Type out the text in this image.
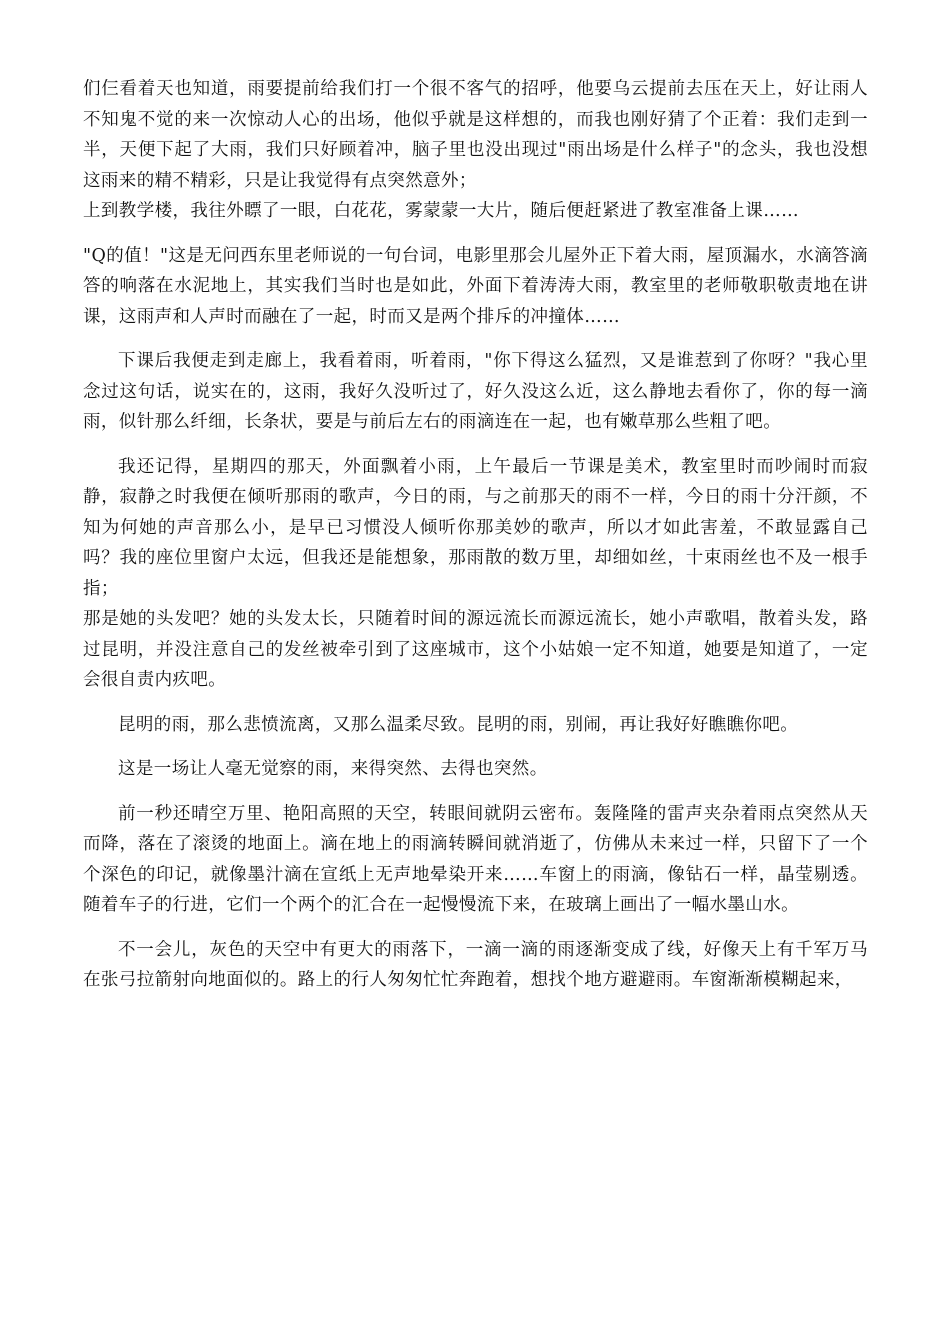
们仨看着天也知道，雨要提前给我们打一个很不客气的招呼，他要乌云提前去压在天上，好让雨人不知鬼不觉的来一次惊动人心的出场，他似乎就是这样想的，而我也刚好猜了个正着：我们走到一半，天便下起了大雨，我们只好顾着冲，脑子里也没出现过"雨出场是什么样子"的念头，我也没想这雨来的精不精彩，只是让我觉得有点突然意外；

上到教学楼，我往外瞟了一眼，白花花，雾蒙蒙一大片，随后便赶紧进了教室准备上课……

"Q的值！"这是无问西东里老师说的一句台词，电影里那会儿屋外正下着大雨，屋顶漏水，水滴答滴答的响落在水泥地上，其实我们当时也是如此，外面下着涛涛大雨，教室里的老师敬职敬责地在讲课，这雨声和人声时而融在了一起，时而又是两个排斥的冲撞体……

下课后我便走到走廊上，我看着雨，听着雨，"你下得这么猛烈，又是谁惹到了你呀？"我心里念过这句话，说实在的，这雨，我好久没听过了，好久没这么近，这么静地去看你了，你的每一滴雨，似针那么纤细，长条状，要是与前后左右的雨滴连在一起，也有嫩草那么些粗了吧。

我还记得，星期四的那天，外面飘着小雨，上午最后一节课是美术，教室里时而吵闹时而寂静，寂静之时我便在倾听那雨的歌声，今日的雨，与之前那天的雨不一样，今日的雨十分汗颜，不知为何她的声音那么小，是早已习惯没人倾听你那美妙的歌声，所以才如此害羞，不敢显露自己吗？我的座位里窗户太远，但我还是能想象，那雨散的数万里，却细如丝，十束雨丝也不及一根手指；

那是她的头发吧？她的头发太长，只随着时间的源远流长而源远流长，她小声歌唱，散着头发，路过昆明，并没注意自己的发丝被牵引到了这座城市，这个小姑娘一定不知道，她要是知道了，一定会很自责内疚吧。

昆明的雨，那么悲愤流离，又那么温柔尽致。昆明的雨，别闹，再让我好好瞧瞧你吧。

这是一场让人毫无觉察的雨，来得突然、去得也突然。

前一秒还晴空万里、艳阳高照的天空，转眼间就阴云密布。轰隆隆的雷声夹杂着雨点突然从天而降，落在了滚烫的地面上。滴在地上的雨滴转瞬间就消逝了，仿佛从未来过一样，只留下了一个个深色的印记，就像墨汁滴在宣纸上无声地晕染开来……车窗上的雨滴，像钻石一样，晶莹剔透。随着车子的行进，它们一个两个的汇合在一起慢慢流下来，在玻璃上画出了一幅水墨山水。

不一会儿，灰色的天空中有更大的雨落下，一滴一滴的雨逐渐变成了线，好像天上有千军万马在张弓拉箭射向地面似的。路上的行人匆匆忙忙奔跑着，想找个地方避避雨。车窗渐渐模糊起来，
